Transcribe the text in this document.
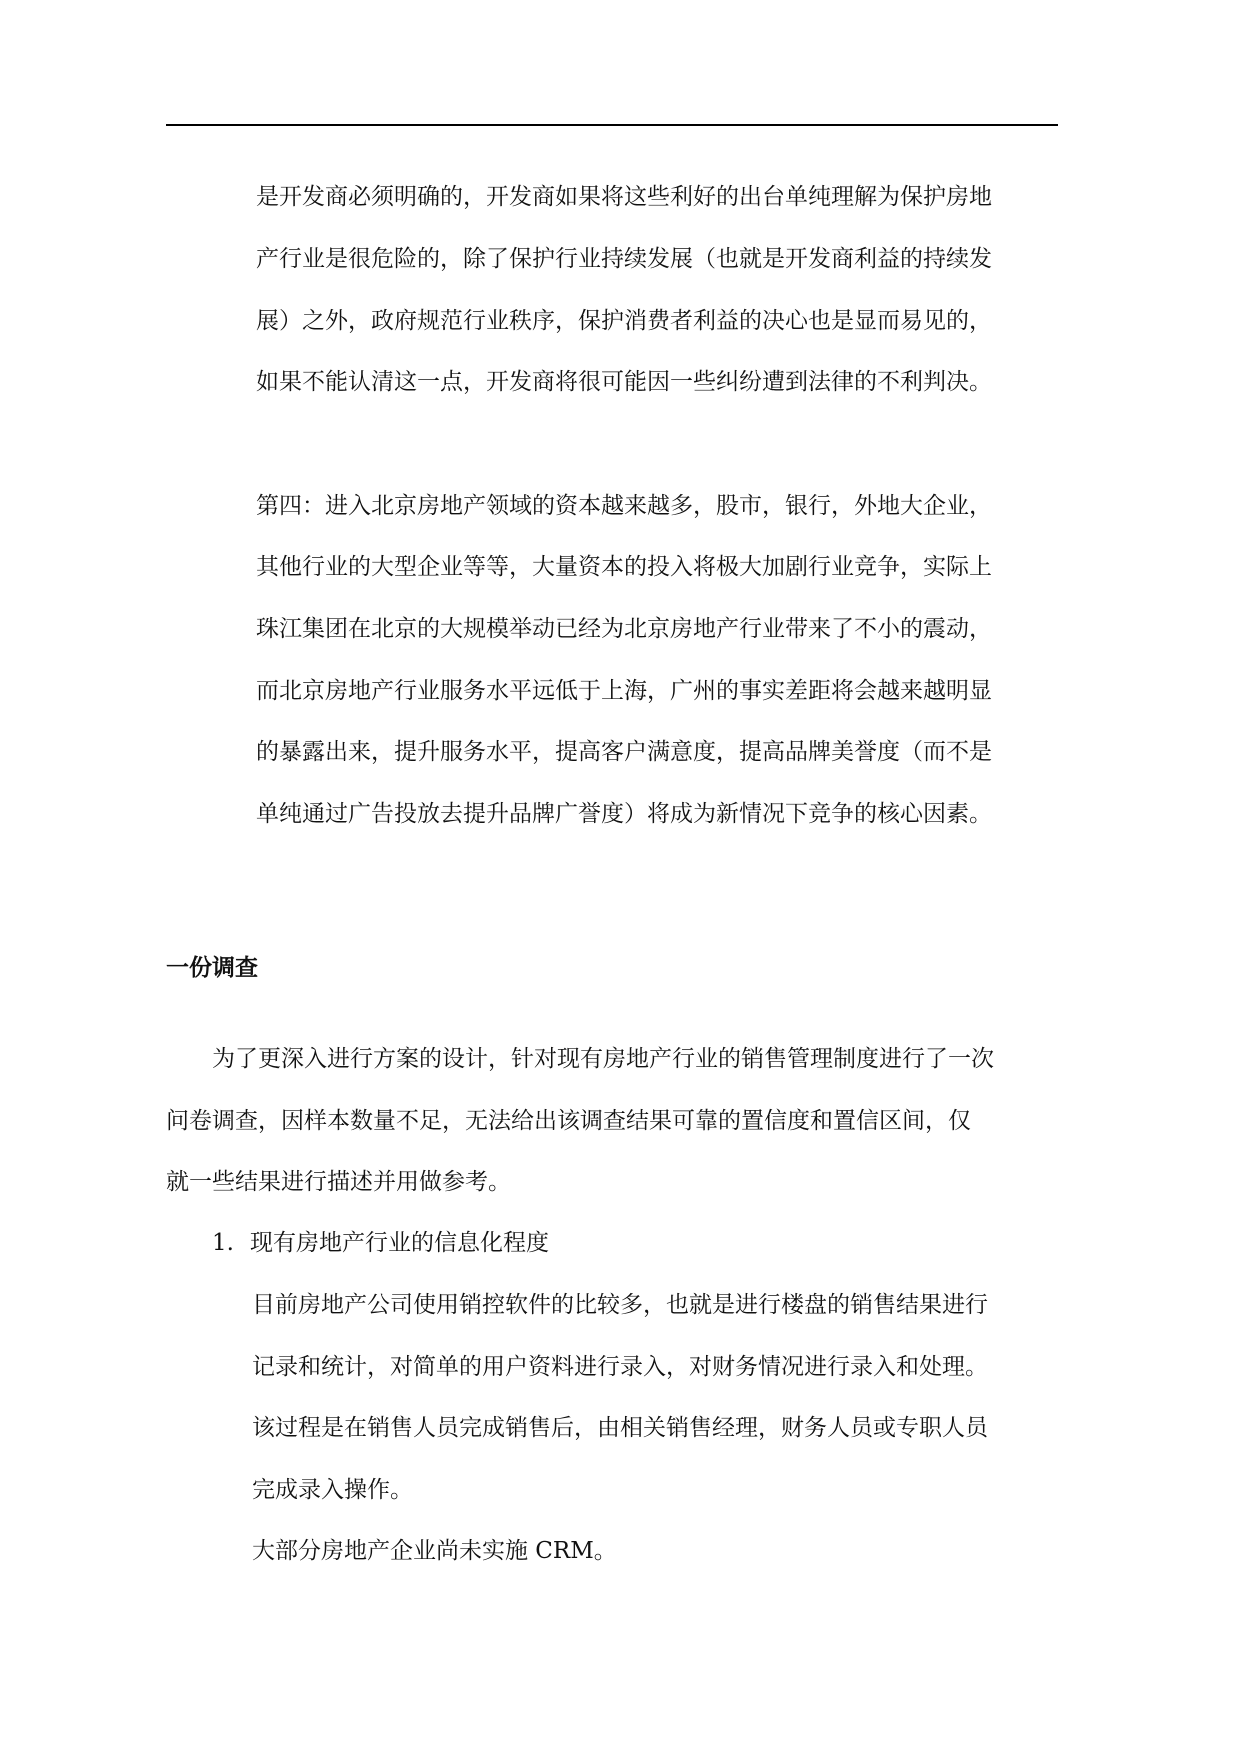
是开发商必须明确的，开发商如果将这些利好的出台单纯理解为保护房地
产行业是很危险的，除了保护行业持续发展（也就是开发商利益的持续发
展）之外，政府规范行业秩序，保护消费者利益的决心也是显而易见的，
如果不能认清这一点，开发商将很可能因一些纠纷遭到法律的不利判决。
第四：进入北京房地产领域的资本越来越多，股市，银行，外地大企业，
其他行业的大型企业等等，大量资本的投入将极大加剧行业竞争，实际上
珠江集团在北京的大规模举动已经为北京房地产行业带来了不小的震动，
而北京房地产行业服务水平远低于上海，广州的事实差距将会越来越明显
的暴露出来，提升服务水平，提高客户满意度，提高品牌美誉度（而不是
单纯通过广告投放去提升品牌广誉度）将成为新情况下竞争的核心因素。
一份调查
为了更深入进行方案的设计，针对现有房地产行业的销售管理制度进行了一次
问卷调查，因样本数量不足，无法给出该调查结果可靠的置信度和置信区间，仅
就一些结果进行描述并用做参考。
1. 现有房地产行业的信息化程度
目前房地产公司使用销控软件的比较多，也就是进行楼盘的销售结果进行
记录和统计，对简单的用户资料进行录入，对财务情况进行录入和处理。
该过程是在销售人员完成销售后，由相关销售经理，财务人员或专职人员
完成录入操作。
大部分房地产企业尚未实施 CRM。
